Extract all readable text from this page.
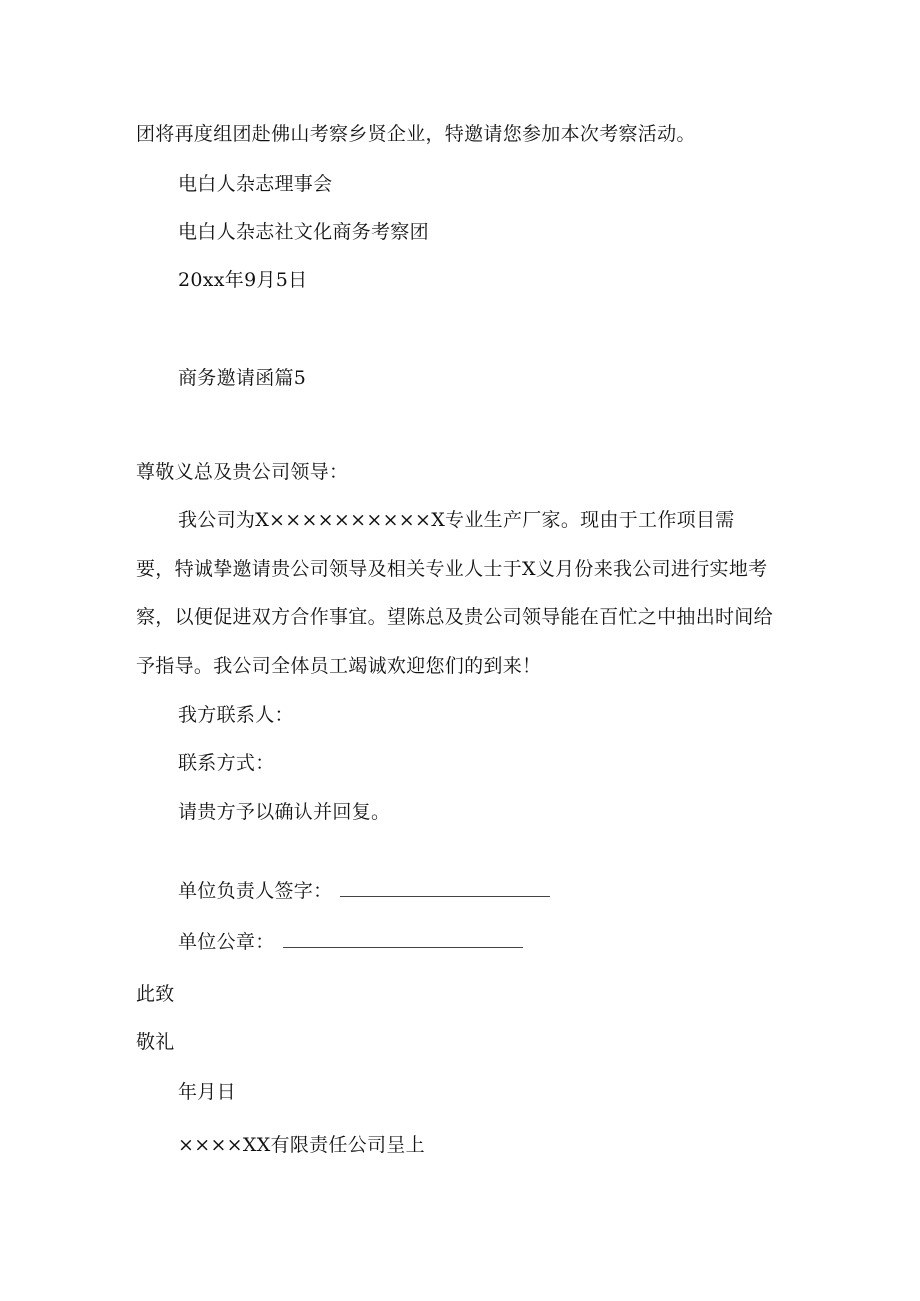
团将再度组团赴佛山考察乡贤企业，特邀请您参加本次考察活动。
电白人杂志理事会
电白人杂志社文化商务考察团
20xx年9月5日
商务邀请函篇5
尊敬义总及贵公司领导：
我公司为X××××××××××X专业生产厂家。现由于工作项目需
要，特诚挚邀请贵公司领导及相关专业人士于X义月份来我公司进行实地考
察，以便促进双方合作事宜。望陈总及贵公司领导能在百忙之中抽出时间给
予指导。我公司全体员工竭诚欢迎您们的到来！
我方联系人：
联系方式：
请贵方予以确认并回复。
单位负责人签字：
单位公章：
此致
敬礼
年月日
××××XX有限责任公司呈上
